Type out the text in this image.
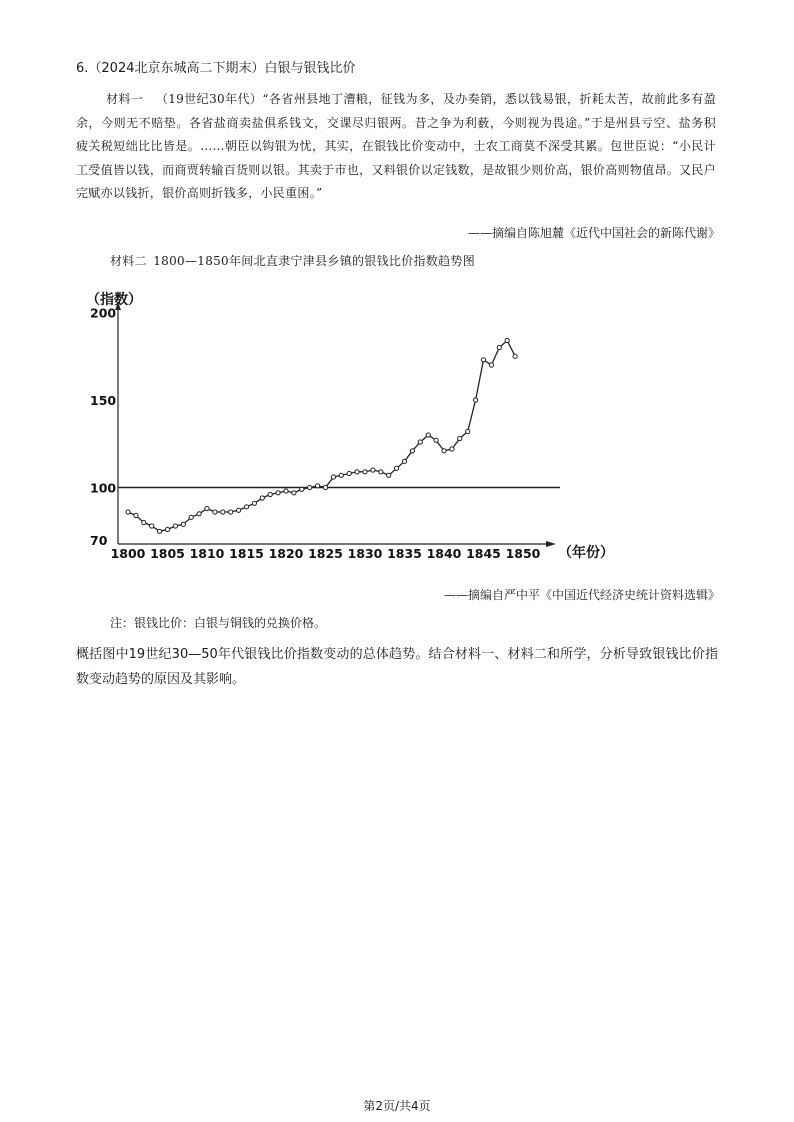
6.（2024北京东城高二下期末）白银与银钱比价
材料一  （19世纪30年代）“各省州县地丁漕粮，征钱为多，及办奏销，悉以钱易银，折耗太苦，故前此多有盈余，今则无不赔垫。各省盐商卖盐俱系钱文，交课尽归银两。昔之争为利薮，今则视为畏途。”于是州县亏空、盐务积疲关税短绌比比皆是。……朝臣以钩银为忧，其实，在银钱比价变动中，士农工商莫不深受其累。包世臣说：“小民计工受值皆以钱，而商贾转输百货则以银。其卖于市也，又料银价以定钱数，是故银少则价高，银价高则物值昂。又民户完赋亦以钱折，银价高则折钱多，小民重困。”
——摘编自陈旭麓《近代中国社会的新陈代谢》
材料二  1800—1850年间北直隶宁津县乡镇的银钱比价指数趋势图
（指数）
（年份）
200
150
100
70
1800 1805 1810 1815 1820 1825 1830 1835 1840 1845 1850
——摘编自严中平《中国近代经济史统计资料选辑》
注：银钱比价：白银与铜钱的兑换价格。
概括图中19世纪30—50年代银钱比价指数变动的总体趋势。结合材料一、材料二和所学，分析导致银钱比价指数变动趋势的原因及其影响。
第2页/共4页
